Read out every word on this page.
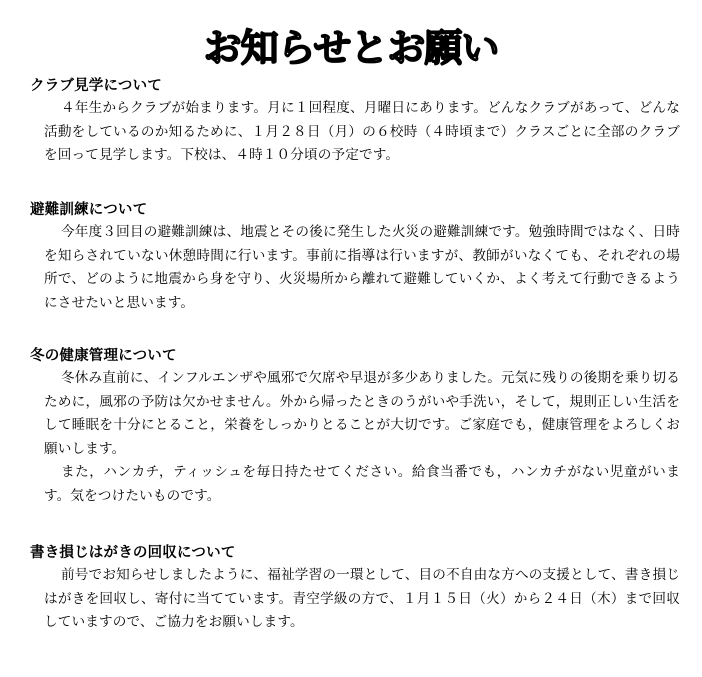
お知らせとお願い
クラブ見学について

４年生からクラブが始まります。月に１回程度、月曜日にあります。どんなクラブがあって、どんな活動をしているのか知るために、１月２８日（月）の６校時（４時頃まで）クラスごとに全部のクラブを回って見学します。下校は、４時１０分頃の予定です。

避難訓練について

今年度３回目の避難訓練は、地震とその後に発生した火災の避難訓練です。勉強時間ではなく、日時を知らされていない休憩時間に行います。事前に指導は行いますが、教師がいなくても、それぞれの場所で、どのように地震から身を守り、火災場所から離れて避難していくか、よく考えて行動できるようにさせたいと思います。

冬の健康管理について

冬休み直前に、インフルエンザや風邪で欠席や早退が多少ありました。元気に残りの後期を乗り切るために，風邪の予防は欠かせません。外から帰ったときのうがいや手洗い，そして，規則正しい生活をして睡眠を十分にとること，栄養をしっかりとることが大切です。ご家庭でも，健康管理をよろしくお願いします。

また，ハンカチ，ティッシュを毎日持たせてください。給食当番でも，ハンカチがない児童がいます。気をつけたいものです。

書き損じはがきの回収について

前号でお知らせしましたように、福祉学習の一環として、目の不自由な方への支援として、書き損じはがきを回収し、寄付に当てています。青空学級の方で、１月１５日（火）から２４日（木）まで回収していますので、ご協力をお願いします。
